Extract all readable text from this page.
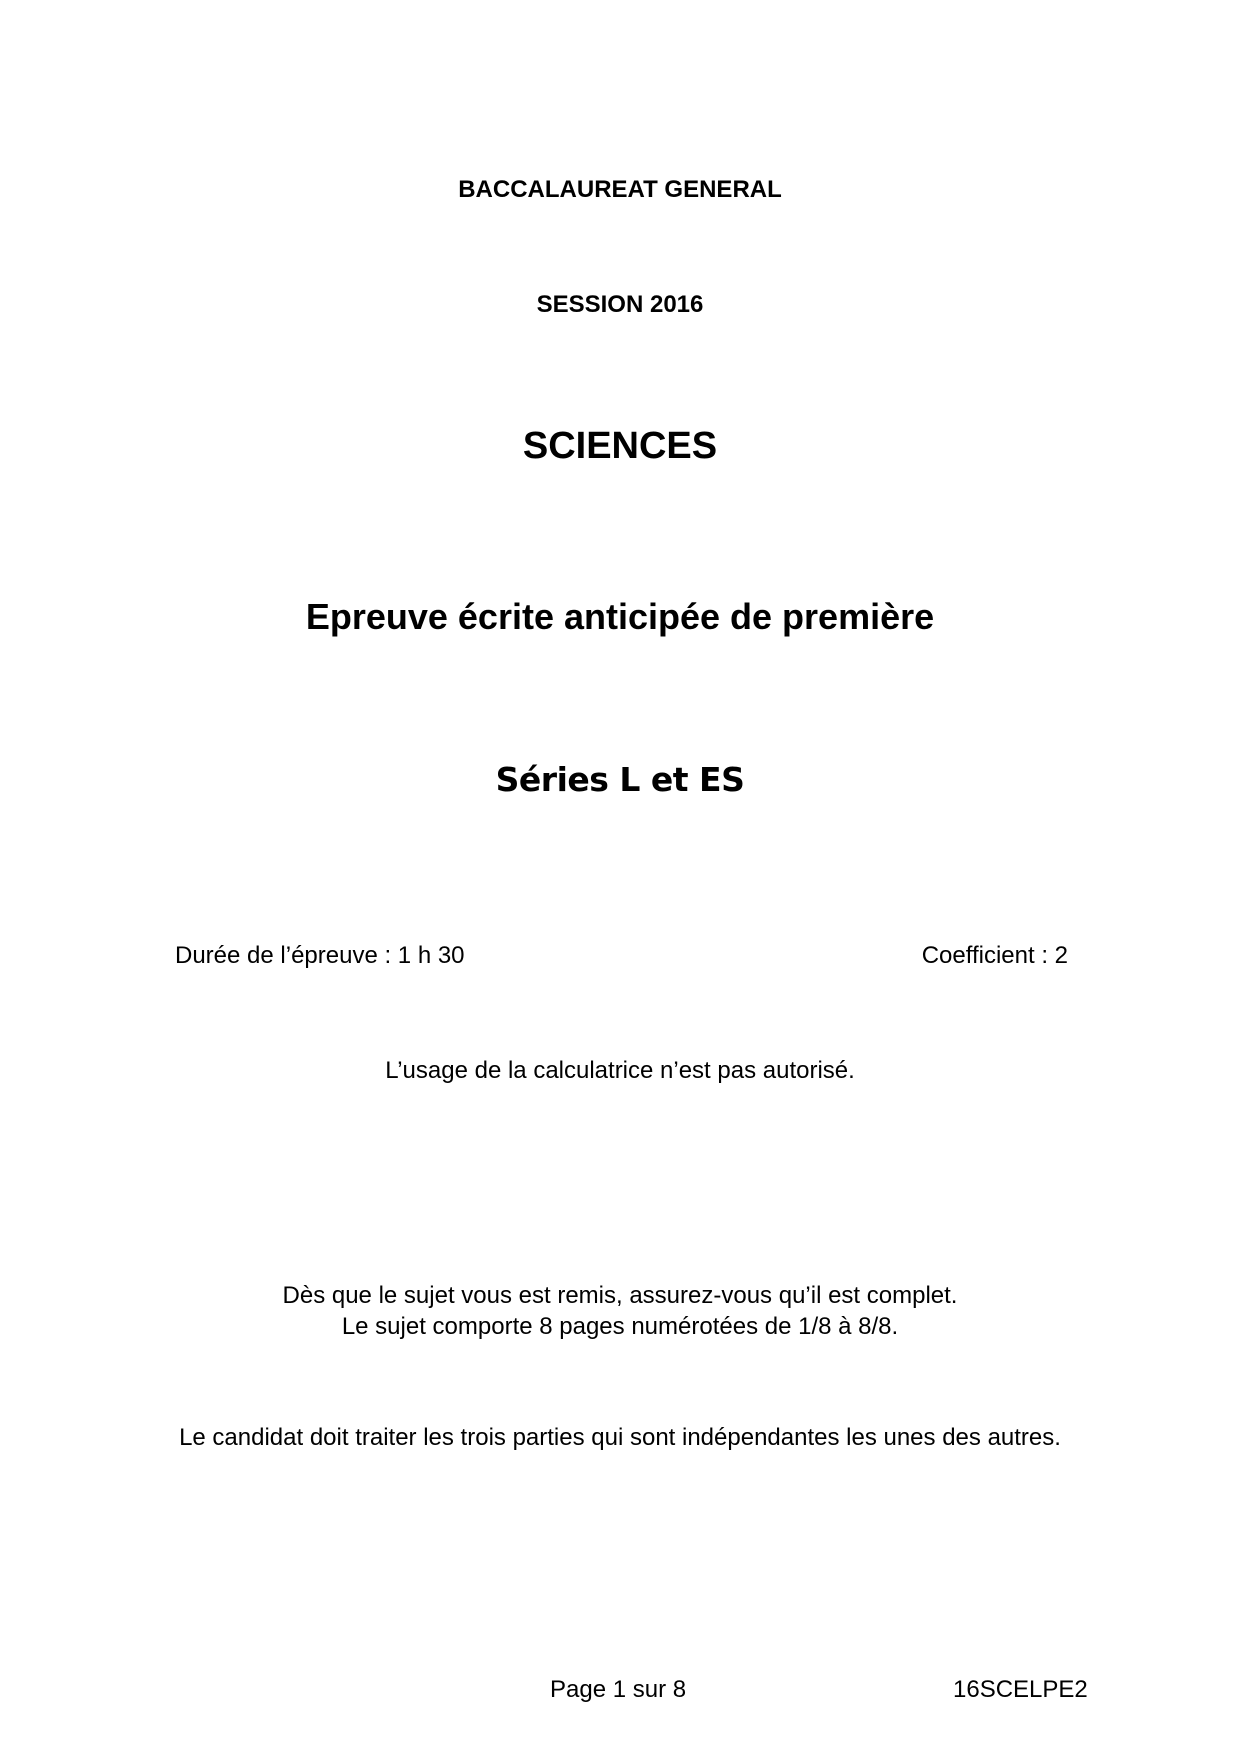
BACCALAUREAT GENERAL
SESSION 2016
SCIENCES
Epreuve écrite anticipée de première
Séries L et ES
Durée de l’épreuve : 1 h 30	Coefficient : 2
L’usage de la calculatrice n’est pas autorisé.
Dès que le sujet vous est remis, assurez-vous qu’il est complet.
Le sujet comporte 8 pages numérotées de 1/8 à 8/8.
Le candidat doit traiter les trois parties qui sont indépendantes les unes des autres.
Page 1 sur 8	16SCELPE2
